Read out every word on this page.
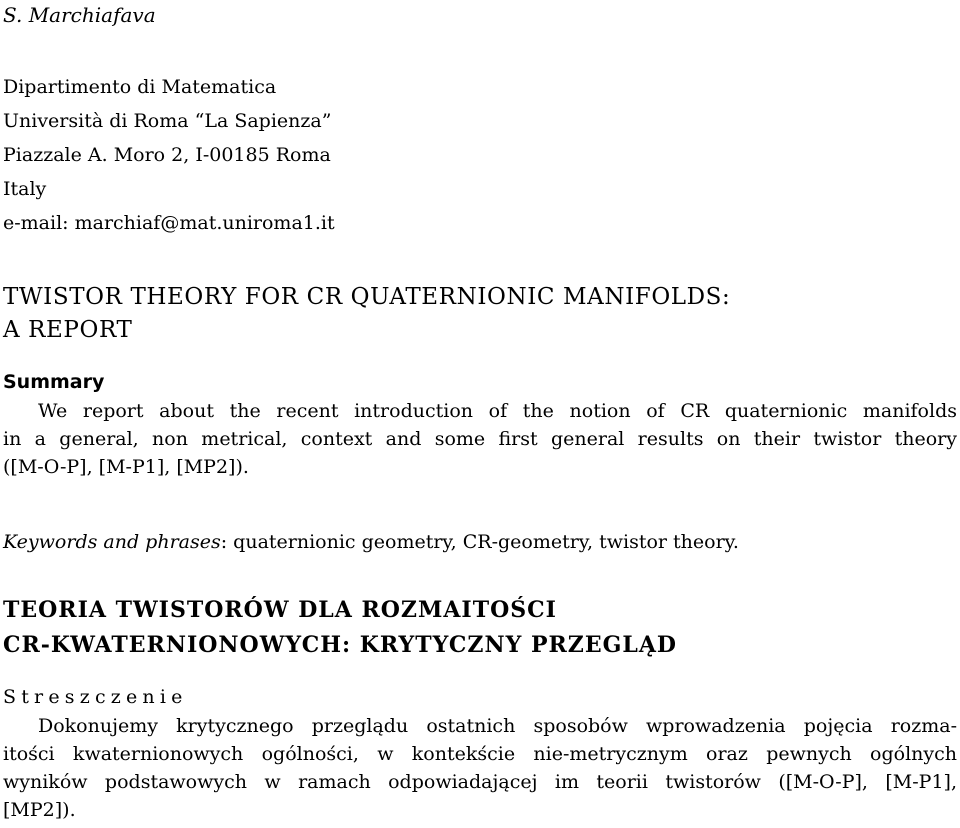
S. Marchiafava
Dipartimento di Matematica
Università di Roma “La Sapienza”
Piazzale A. Moro 2, I-00185 Roma
Italy
e-mail: marchiaf@mat.uniroma1.it
TWISTOR THEORY FOR CR QUATERNIONIC MANIFOLDS:
A REPORT
Summary
We report about the recent introduction of the notion of CR quaternionic manifolds
in a general, non metrical, context and some first general results on their twistor theory
([M-O-P], [M-P1], [MP2]).
Keywords and phrases: quaternionic geometry, CR-geometry, twistor theory.
TEORIA TWISTORÓW DLA ROZMAITOŚCI
CR-KWATERNIONOWYCH: KRYTYCZNY PRZEGLĄD
Streszczenie
Dokonujemy krytycznego przeglądu ostatnich sposobów wprowadzenia pojęcia rozma-
itości kwaternionowych ogólności, w kontekście nie-metrycznym oraz pewnych ogólnych
wyników podstawowych w ramach odpowiadającej im teorii twistorów ([M-O-P], [M-P1],
[MP2]).
